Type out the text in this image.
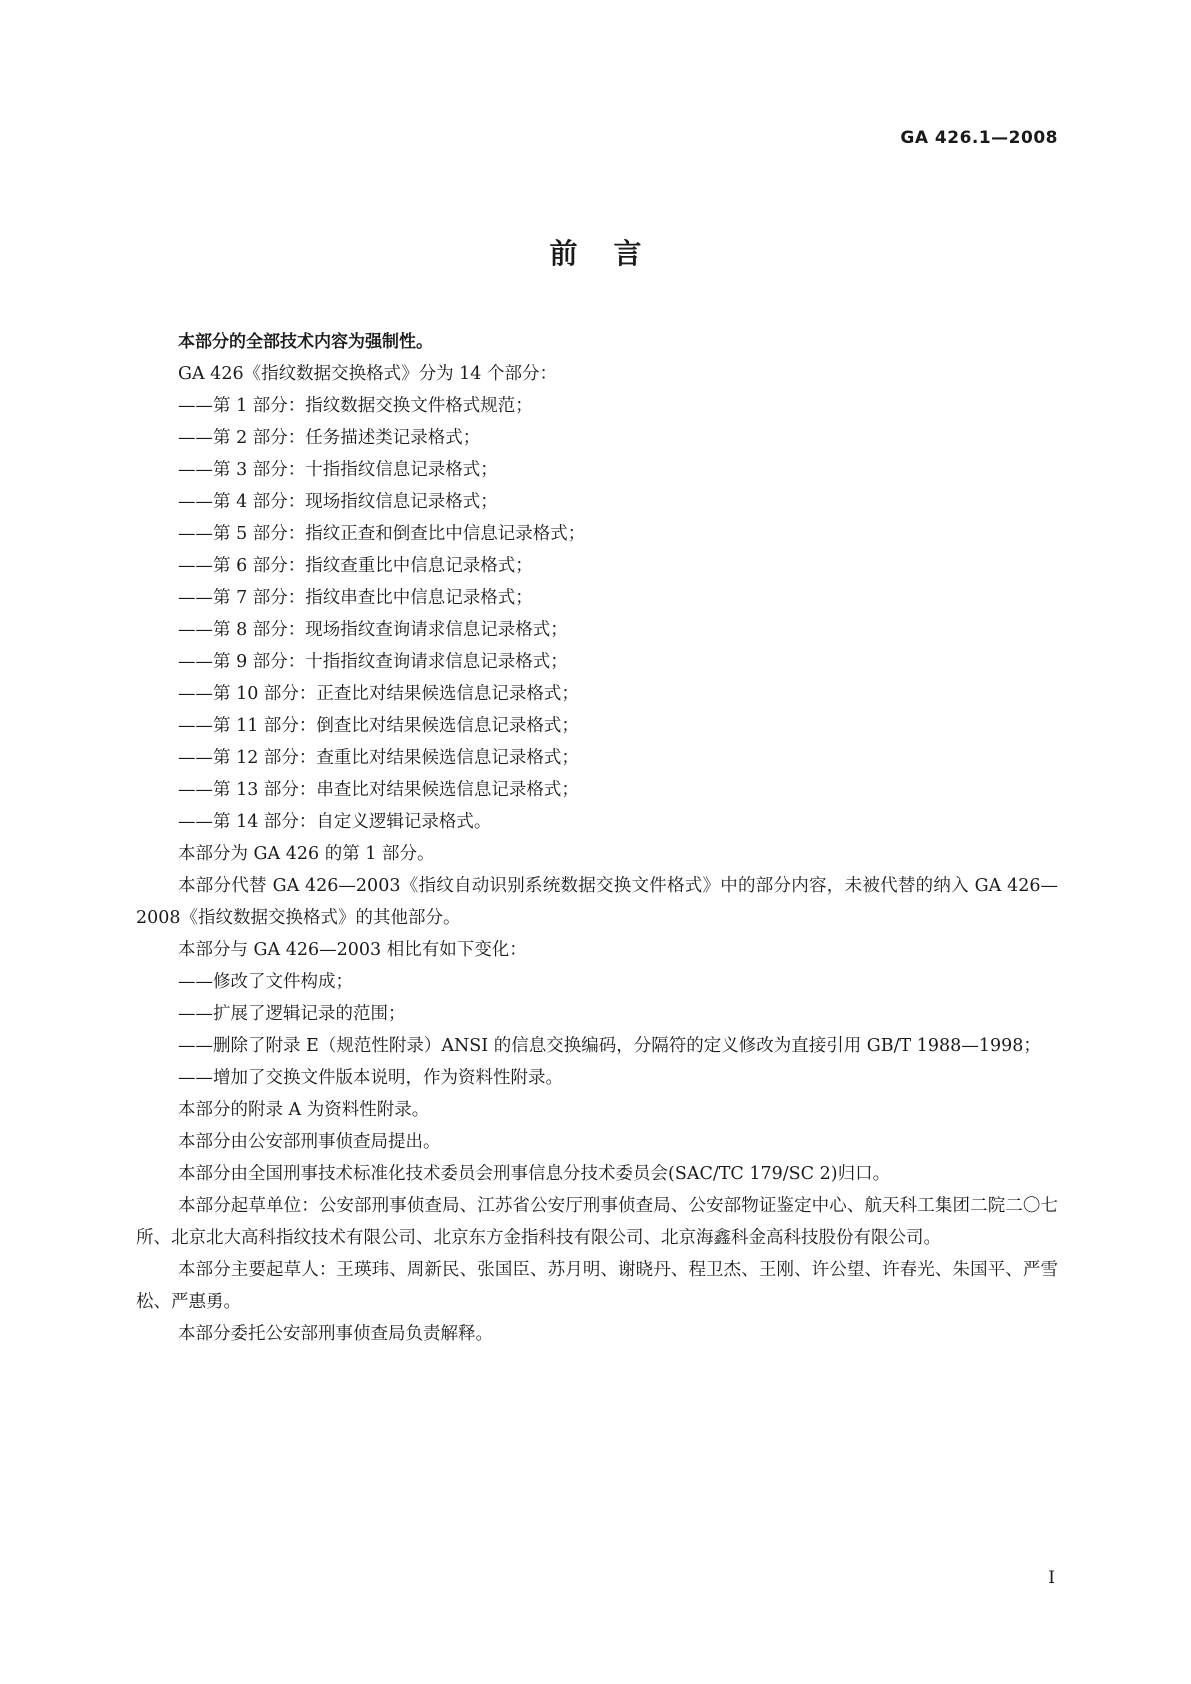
GA 426.1—2008
前言

本部分的全部技术内容为强制性。

GA 426《指纹数据交换格式》分为 14 个部分：

——第 1 部分：指纹数据交换文件格式规范；

——第 2 部分：任务描述类记录格式；

——第 3 部分：十指指纹信息记录格式；

——第 4 部分：现场指纹信息记录格式；

——第 5 部分：指纹正查和倒查比中信息记录格式；

——第 6 部分：指纹查重比中信息记录格式；

——第 7 部分：指纹串查比中信息记录格式；

——第 8 部分：现场指纹查询请求信息记录格式；

——第 9 部分：十指指纹查询请求信息记录格式；

——第 10 部分：正查比对结果候选信息记录格式；

——第 11 部分：倒查比对结果候选信息记录格式；

——第 12 部分：查重比对结果候选信息记录格式；

——第 13 部分：串查比对结果候选信息记录格式；

——第 14 部分：自定义逻辑记录格式。

本部分为 GA 426 的第 1 部分。

本部分代替 GA 426—2003《指纹自动识别系统数据交换文件格式》中的部分内容，未被代替的纳入 GA 426—2008《指纹数据交换格式》的其他部分。

本部分与 GA 426—2003 相比有如下变化：

——修改了文件构成；

——扩展了逻辑记录的范围；

——删除了附录 E（规范性附录）ANSI 的信息交换编码，分隔符的定义修改为直接引用 GB/T 1988—1998；

——增加了交换文件版本说明，作为资料性附录。

本部分的附录 A 为资料性附录。

本部分由公安部刑事侦查局提出。

本部分由全国刑事技术标准化技术委员会刑事信息分技术委员会(SAC/TC 179/SC 2)归口。

本部分起草单位：公安部刑事侦查局、江苏省公安厅刑事侦查局、公安部物证鉴定中心、航天科工集团二院二〇七所、北京北大高科指纹技术有限公司、北京东方金指科技有限公司、北京海鑫科金高科技股份有限公司。

本部分主要起草人：王瑛玮、周新民、张国臣、苏月明、谢晓丹、程卫杰、王刚、许公望、许春光、朱国平、严雪松、严惠勇。

本部分委托公安部刑事侦查局负责解释。

I
